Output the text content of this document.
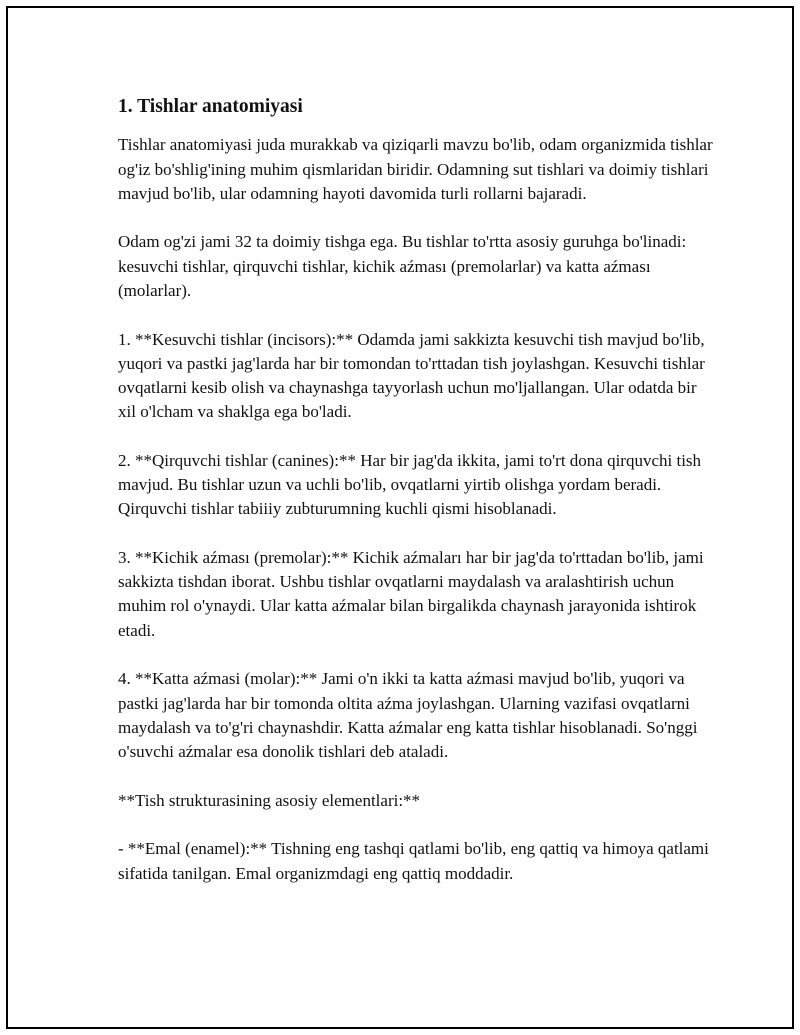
1. Tishlar anatomiyasi

Tishlar anatomiyasi juda murakkab va qiziqarli mavzu bo'lib, odam organizmida tishlar og'iz bo'shlig'ining muhim qismlaridan biridir. Odamning sut tishlari va doimiy tishlari mavjud bo'lib, ular odamning hayoti davomida turli rollarni bajaradi.

Odam og'zi jami 32 ta doimiy tishga ega. Bu tishlar to'rtta asosiy guruhga bo'linadi: kesuvchi tishlar, qirquvchi tishlar, kichik aźması (premolarlar) va katta aźması (molarlar).

1. **Kesuvchi tishlar (incisors):** Odamda jami sakkizta kesuvchi tish mavjud bo'lib, yuqori va pastki jag'larda har bir tomondan to'rttadan tish joylashgan. Kesuvchi tishlar ovqatlarni kesib olish va chaynashga tayyorlash uchun mo'ljallangan. Ular odatda bir xil o'lcham va shaklga ega bo'ladi.

2. **Qirquvchi tishlar (canines):** Har bir jag'da ikkita, jami to'rt dona qirquvchi tish mavjud. Bu tishlar uzun va uchli bo'lib, ovqatlarni yirtib olishga yordam beradi. Qirquvchi tishlar tabiiiy zubturumning kuchli qismi hisoblanadi.

3. **Kichik aźması (premolar):** Kichik aźmaları har bir jag'da to'rttadan bo'lib, jami sakkizta tishdan iborat. Ushbu tishlar ovqatlarni maydalash va aralashtirish uchun muhim rol o'ynaydi. Ular katta aźmalar bilan birgalikda chaynash jarayonida ishtirok etadi.

4. **Katta aźmasi (molar):** Jami o'n ikki ta katta aźmasi mavjud bo'lib, yuqori va pastki jag'larda har bir tomonda oltita aźma joylashgan. Ularning vazifasi ovqatlarni maydalash va to'g'ri chaynashdir. Katta aźmalar eng katta tishlar hisoblanadi. So'nggi o'suvchi aźmalar esa donolik tishlari deb ataladi.

**Tish strukturasining asosiy elementlari:**

- **Emal (enamel):** Tishning eng tashqi qatlami bo'lib, eng qattiq va himoya qatlami sifatida tanilgan. Emal organizmdagi eng qattiq moddadir.
